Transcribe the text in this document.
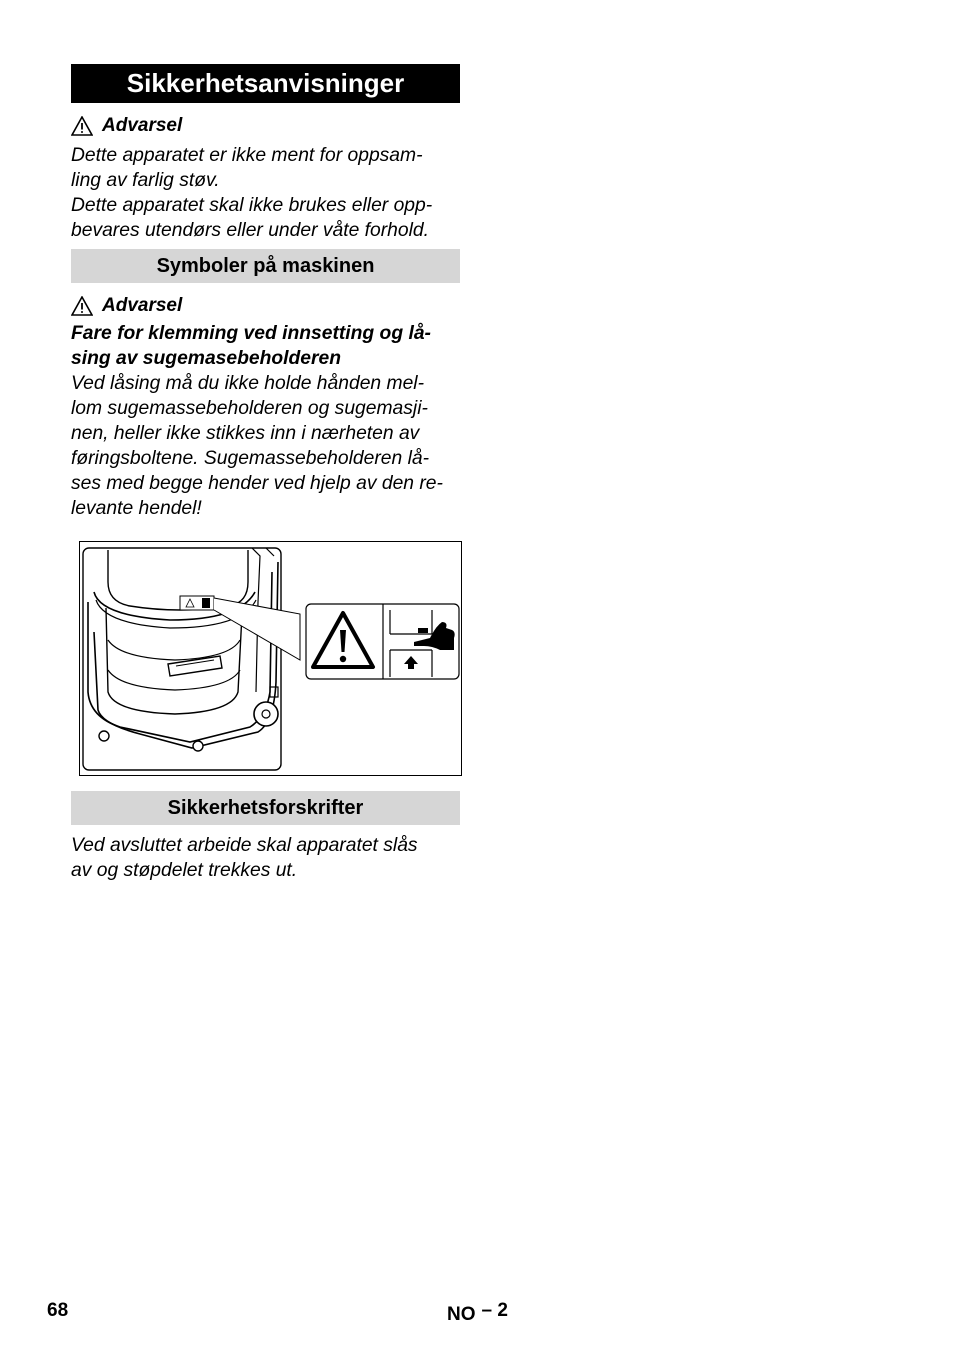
Sikkerhetsanvisninger
Advarsel
Dette apparatet er ikke ment for oppsam-
ling av farlig støv.
Dette apparatet skal ikke brukes eller opp-
bevares utendørs eller under våte forhold.
Symboler på maskinen
Advarsel
Fare for klemming ved innsetting og lå-
sing av sugemasebeholderen
Ved låsing må du ikke holde hånden mel-
lom sugemassebeholderen og sugemasji-
nen, heller ikke stikkes inn i nærheten av
føringsboltene. Sugemassebeholderen lå-
ses med begge hender ved hjelp av den re-
levante hendel!
Sikkerhetsforskrifter
Ved avsluttet arbeide skal apparatet slås
av og støpdelet trekkes ut.
68	NO – 2
